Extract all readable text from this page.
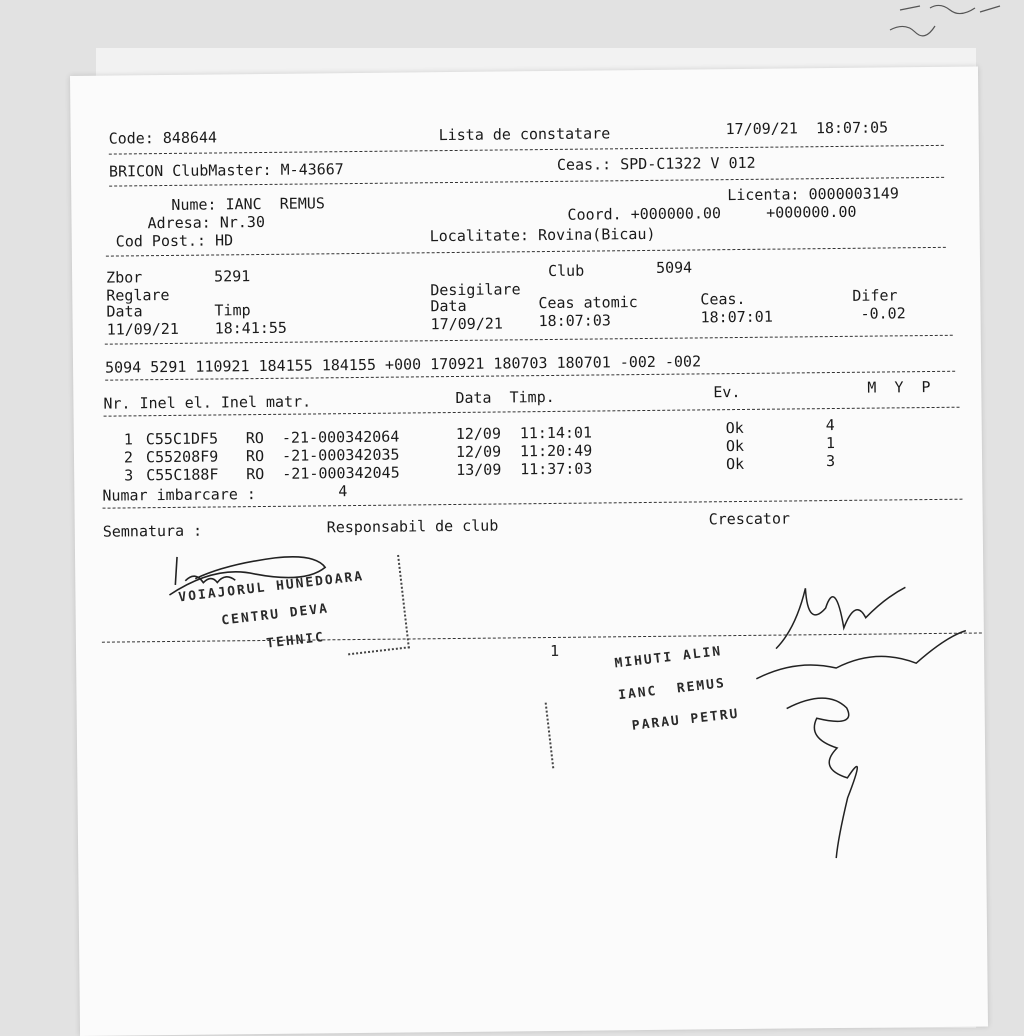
Code: 848644	Lista de constatare	17/09/21  18:07:05
BRICON ClubMaster: M-43667	Ceas.: SPD-C1322 V 012
Nume: IANC  REMUS
Licenta: 0000003149
Adresa: Nr.30	Coord. +000000.00     +000000.00
Cod Post.: HD	Localitate: Rovina(Bicau)
Zbor	5291	Club	5094
Reglare	Desigilare
Data	Timp	Data	Ceas atomic	Ceas.	Difer
11/09/21 18:41:55	17/09/21 18:07:03	18:07:01	-0.02
5094 5291 110921 184155 184155 +000 170921 180703 180701 -002 -002
Nr. Inel el. Inel matr.	Data  Timp.	Ev.	M  Y  P
1 C55C1DF5 RO  -21-000342064	12/09 11:14:01	Ok	4
2 C55208F9 RO  -21-000342035	12/09 11:20:49	Ok	1
3 C55C188F RO  -21-000342045	13/09 11:37:03	Ok	3
Numar imbarcare :	4
Semnatura :	Responsabil de club	Crescator
1
VOIAJORUL HUNEDOARA
CENTRU DEVA
TEHNIC
MIHUTI ALIN
IANC  REMUS
PARAU PETRU
